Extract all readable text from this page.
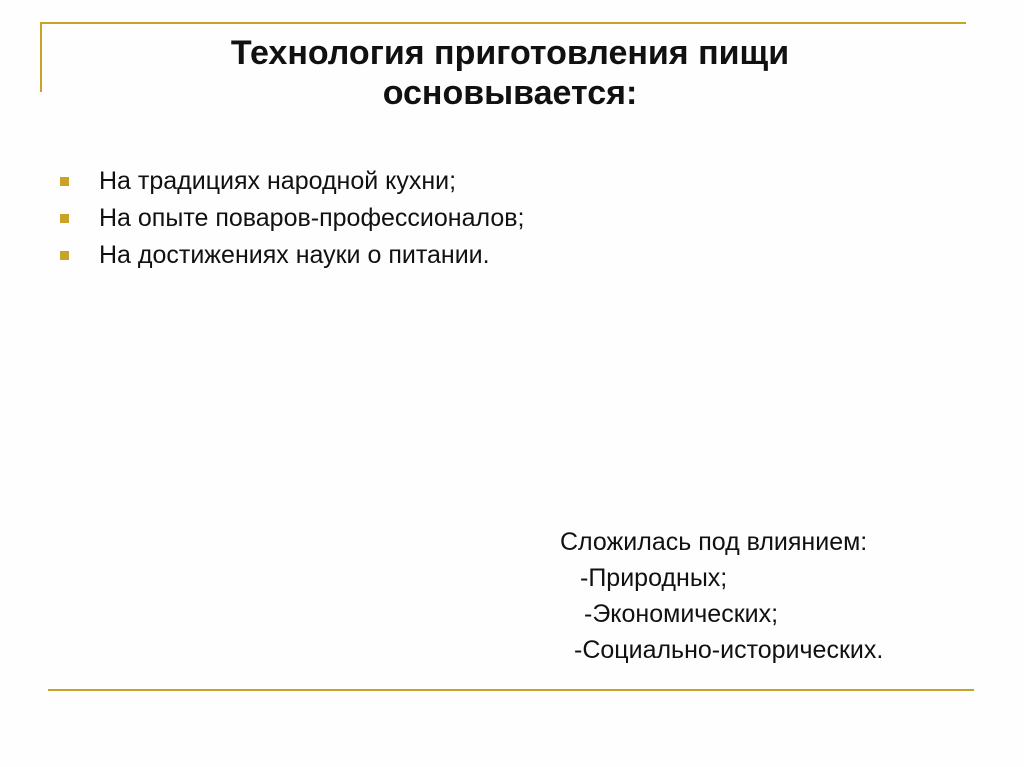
Технология приготовления пищи
основывается:
На традициях народной кухни;
На опыте поваров-профессионалов;
На достижениях науки о питании.
Сложилась под влиянием:
-Природных;
-Экономических;
-Социально-исторических.
